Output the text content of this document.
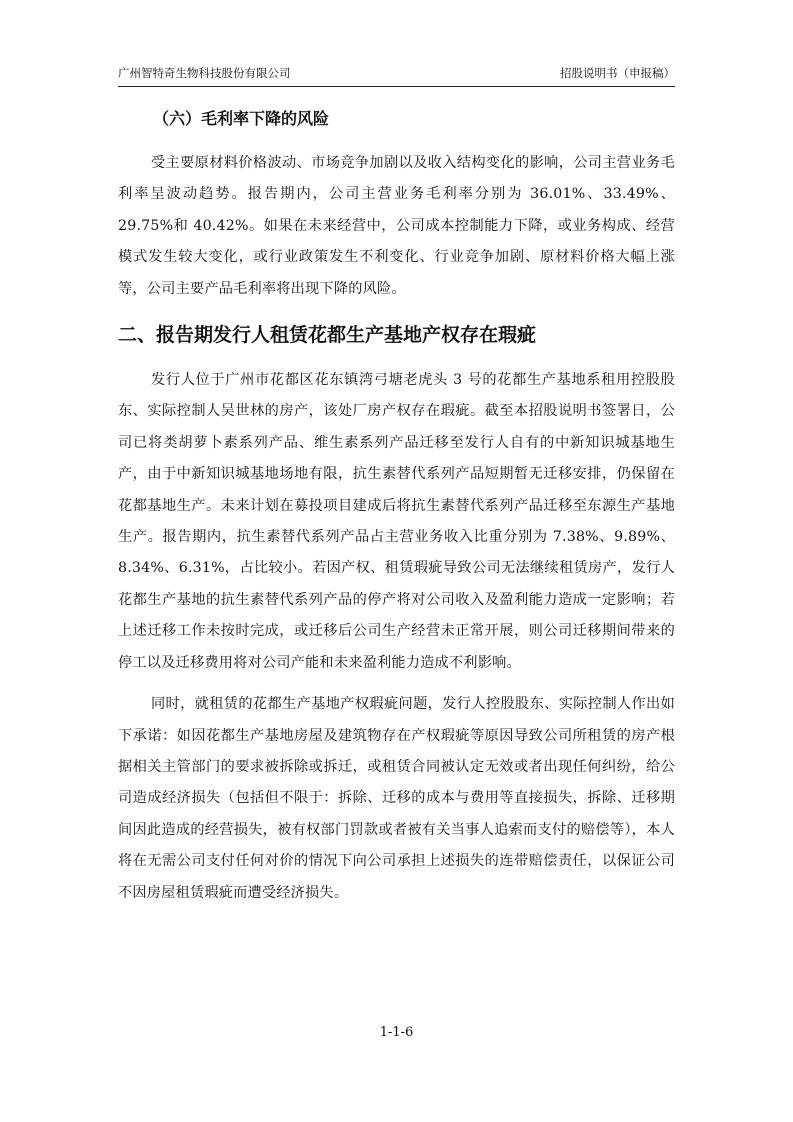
广州智特奇生物科技股份有限公司	招股说明书（申报稿）
（六）毛利率下降的风险

受主要原材料价格波动、市场竞争加剧以及收入结构变化的影响，公司主营业务毛利率呈波动趋势。报告期内，公司主营业务毛利率分别为 36.01%、33.49%、29.75%和 40.42%。如果在未来经营中，公司成本控制能力下降，或业务构成、经营模式发生较大变化，或行业政策发生不利变化、行业竞争加剧、原材料价格大幅上涨等，公司主要产品毛利率将出现下降的风险。

二、报告期发行人租赁花都生产基地产权存在瑕疵

发行人位于广州市花都区花东镇湾弓塘老虎头 3 号的花都生产基地系租用控股股东、实际控制人吴世林的房产，该处厂房产权存在瑕疵。截至本招股说明书签署日，公司已将类胡萝卜素系列产品、维生素系列产品迁移至发行人自有的中新知识城基地生产，由于中新知识城基地场地有限，抗生素替代系列产品短期暂无迁移安排，仍保留在花都基地生产。未来计划在募投项目建成后将抗生素替代系列产品迁移至东源生产基地生产。报告期内，抗生素替代系列产品占主营业务收入比重分别为 7.38%、9.89%、8.34%、6.31%，占比较小。若因产权、租赁瑕疵导致公司无法继续租赁房产，发行人花都生产基地的抗生素替代系列产品的停产将对公司收入及盈利能力造成一定影响；若上述迁移工作未按时完成，或迁移后公司生产经营未正常开展，则公司迁移期间带来的停工以及迁移费用将对公司产能和未来盈利能力造成不利影响。

同时，就租赁的花都生产基地产权瑕疵问题，发行人控股股东、实际控制人作出如下承诺：如因花都生产基地房屋及建筑物存在产权瑕疵等原因导致公司所租赁的房产根据相关主管部门的要求被拆除或拆迁，或租赁合同被认定无效或者出现任何纠纷，给公司造成经济损失（包括但不限于：拆除、迁移的成本与费用等直接损失，拆除、迁移期间因此造成的经营损失，被有权部门罚款或者被有关当事人追索而支付的赔偿等），本人将在无需公司支付任何对价的情况下向公司承担上述损失的连带赔偿责任，以保证公司不因房屋租赁瑕疵而遭受经济损失。

1-1-6
